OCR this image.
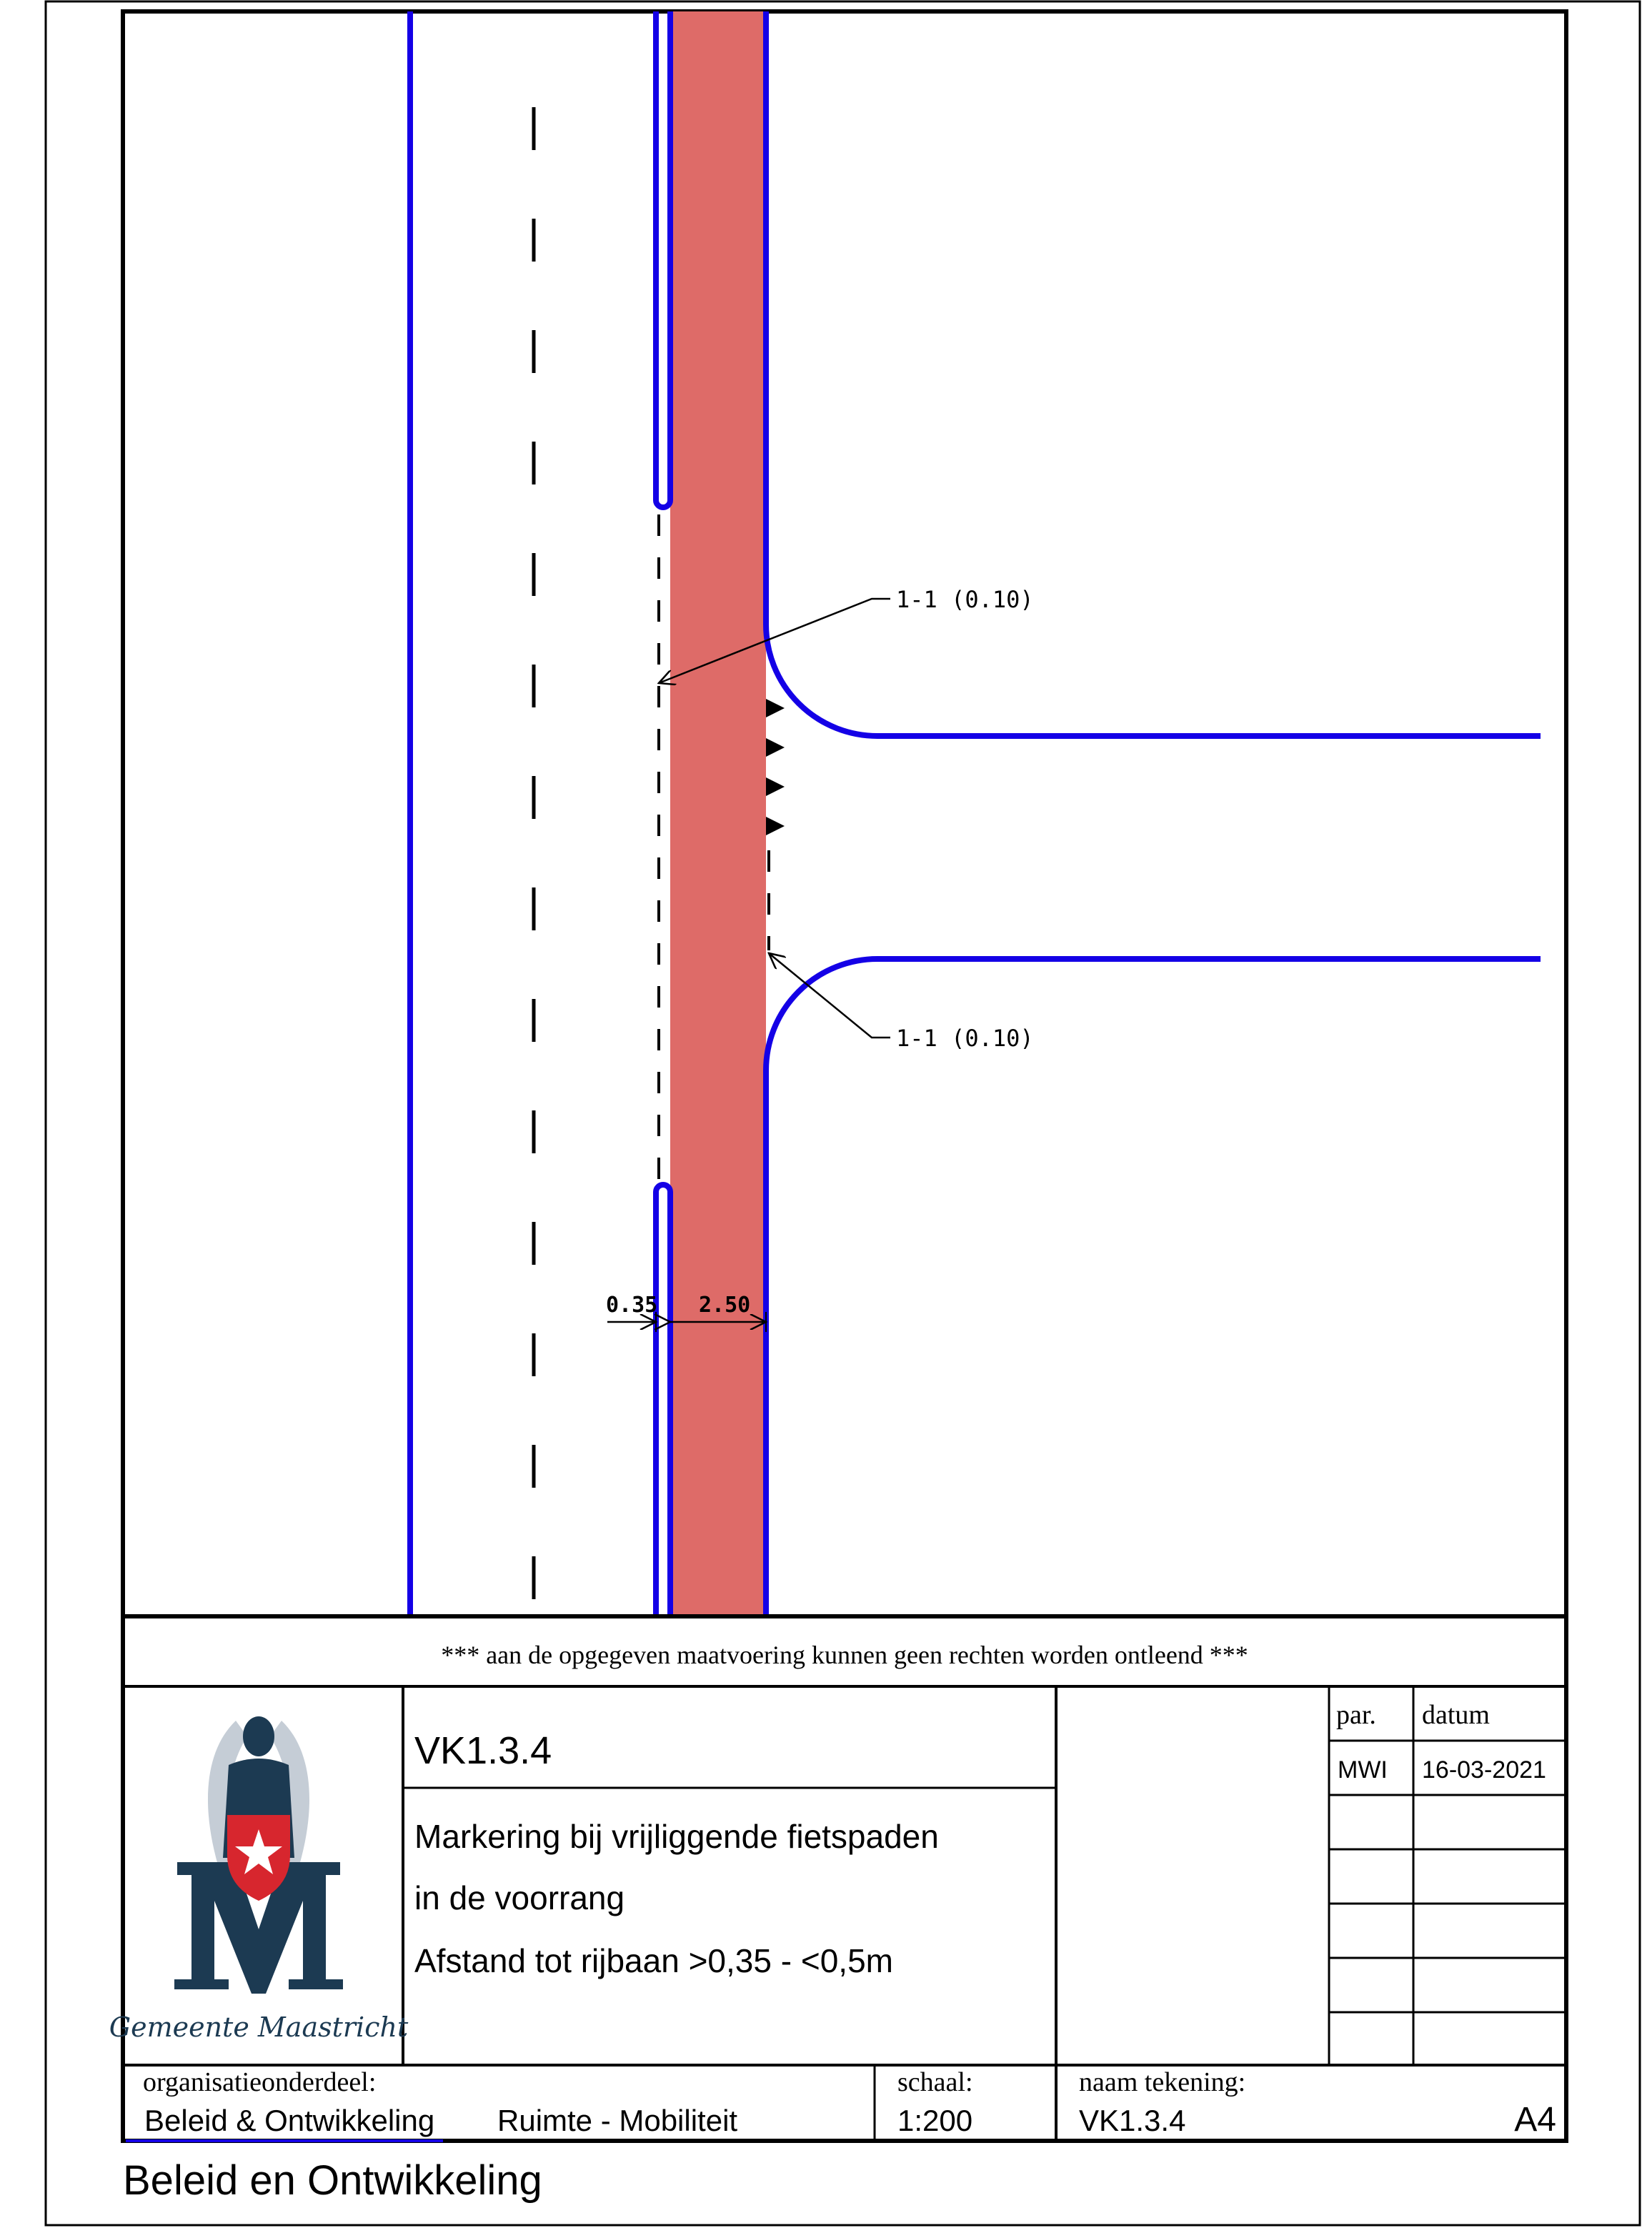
1-1 (0.10)
1-1 (0.10)
0.35 2.50
*** aan de opgegeven maatvoering kunnen geen rechten worden ontleend ***
VK1.3.4
Markering bij vrijliggende fietspaden
in de voorrang
Afstand tot rijbaan >0,35 - <0,5m
par. datum
MWI 16-03-2021
organisatieonderdeel:
Beleid & Ontwikkeling Ruimte - Mobiliteit
schaal:
1:200
naam tekening:
VK1.3.4	A4
Gemeente Maastricht
Beleid en Ontwikkeling
